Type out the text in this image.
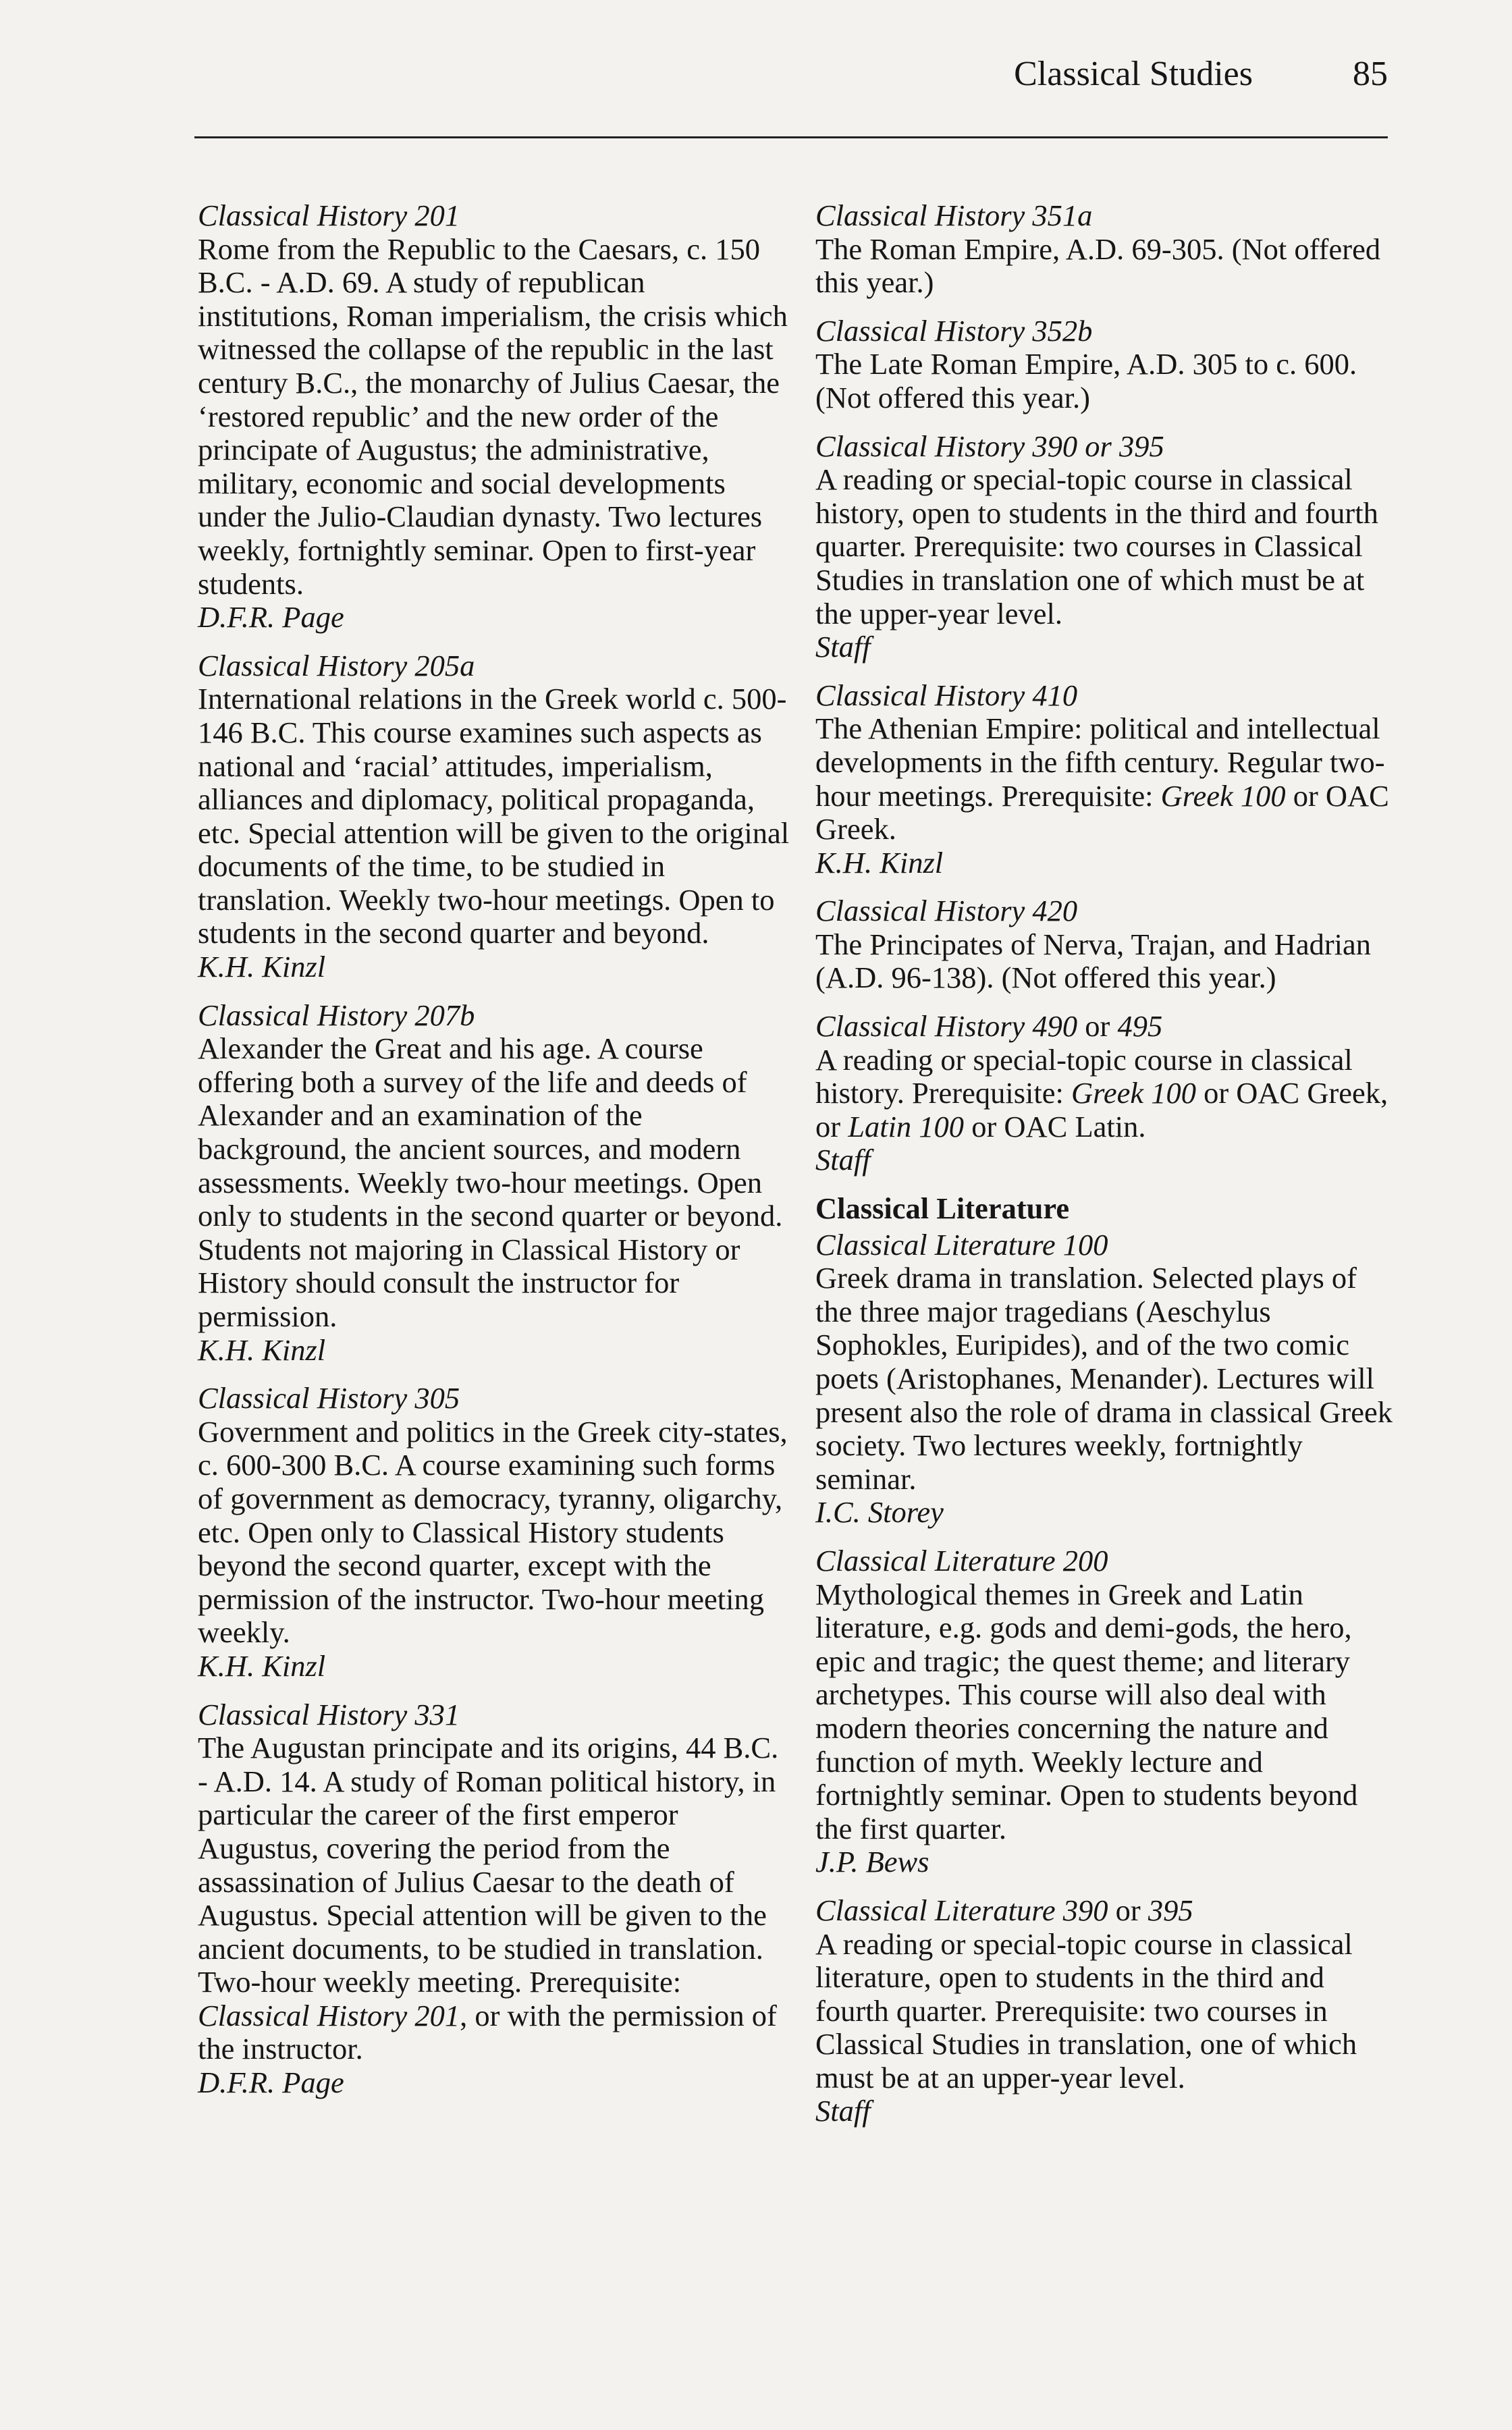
Classical Studies	85
Classical History 201
Rome from the Republic to the Caesars, c. 150 B.C. - A.D. 69. A study of republican institutions, Roman imperialism, the crisis which witnessed the collapse of the republic in the last century B.C., the monarchy of Julius Caesar, the ‘restored republic’ and the new order of the principate of Augustus; the administrative, military, economic and social developments under the Julio-Claudian dynasty. Two lectures weekly, fortnightly seminar. Open to first-year students.
D.F.R. Page
Classical History 205a
International relations in the Greek world c. 500-146 B.C. This course examines such aspects as national and ‘racial’ attitudes, imperialism, alliances and diplomacy, political propaganda, etc. Special attention will be given to the original documents of the time, to be studied in translation. Weekly two-hour meetings. Open to students in the second quarter and beyond.
K.H. Kinzl
Classical History 207b
Alexander the Great and his age. A course offering both a survey of the life and deeds of Alexander and an examination of the background, the ancient sources, and modern assessments. Weekly two-hour meetings. Open only to students in the second quarter or beyond. Students not majoring in Classical History or History should consult the instructor for permission.
K.H. Kinzl
Classical History 305
Government and politics in the Greek city-states, c. 600-300 B.C. A course examining such forms of government as democracy, tyranny, oligarchy, etc. Open only to Classical History students beyond the second quarter, except with the permission of the instructor. Two-hour meeting weekly.
K.H. Kinzl
Classical History 331
The Augustan principate and its origins, 44 B.C. - A.D. 14. A study of Roman political history, in particular the career of the first emperor Augustus, covering the period from the assassination of Julius Caesar to the death of Augustus. Special attention will be given to the ancient documents, to be studied in translation. Two-hour weekly meeting. Prerequisite: Classical History 201, or with the permission of the instructor.
D.F.R. Page
Classical History 351a
The Roman Empire, A.D. 69-305. (Not offered this year.)
Classical History 352b
The Late Roman Empire, A.D. 305 to c. 600. (Not offered this year.)
Classical History 390 or 395
A reading or special-topic course in classical history, open to students in the third and fourth quarter. Prerequisite: two courses in Classical Studies in translation one of which must be at the upper-year level.
Staff
Classical History 410
The Athenian Empire: political and intellectual developments in the fifth century. Regular two-hour meetings. Prerequisite: Greek 100 or OAC Greek.
K.H. Kinzl
Classical History 420
The Principates of Nerva, Trajan, and Hadrian (A.D. 96-138). (Not offered this year.)
Classical History 490 or 495
A reading or special-topic course in classical history. Prerequisite: Greek 100 or OAC Greek, or Latin 100 or OAC Latin.
Staff
Classical Literature
Classical Literature 100
Greek drama in translation. Selected plays of the three major tragedians (Aeschylus Sophokles, Euripides), and of the two comic poets (Aristophanes, Menander). Lectures will present also the role of drama in classical Greek society. Two lectures weekly, fortnightly seminar.
I.C. Storey
Classical Literature 200
Mythological themes in Greek and Latin literature, e.g. gods and demi-gods, the hero, epic and tragic; the quest theme; and literary archetypes. This course will also deal with modern theories concerning the nature and function of myth. Weekly lecture and fortnightly seminar. Open to students beyond the first quarter.
J.P. Bews
Classical Literature 390 or 395
A reading or special-topic course in classical literature, open to students in the third and fourth quarter. Prerequisite: two courses in Classical Studies in translation, one of which must be at an upper-year level.
Staff
